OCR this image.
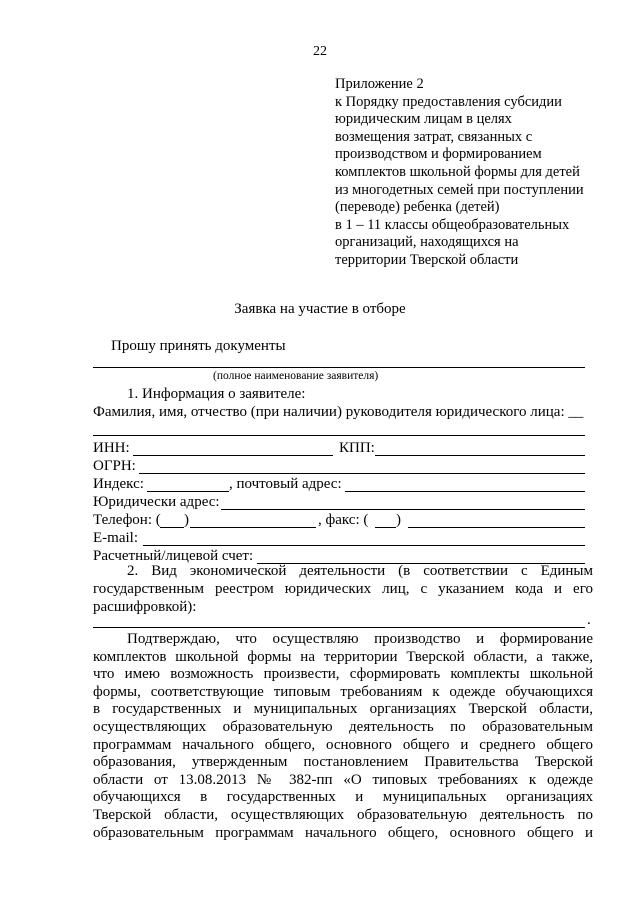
22
Приложение 2
к Порядку предоставления субсидии
юридическим лицам в целях
возмещения затрат, связанных с
производством и формированием
комплектов школьной формы для детей
из многодетных семей при поступлении
(переводе) ребенка (детей)
в 1 – 11 классы общеобразовательных
организаций, находящихся на
территории Тверской области
Заявка на участие в отборе
Прошу принять документы
(полное наименование заявителя)
1. Информация о заявителе:
Фамилия, имя, отчество (при наличии) руководителя юридического лица: __
ИНН:	КПП:
ОГРН:
Индекс:	, почтовый адрес:
Юридически адрес:
Телефон: ( )	, факс: ( )
E-mail:
Расчетный/лицевой счет:
2. Вид экономической деятельности (в соответствии с Единым
государственным реестром юридических лиц, с указанием кода и его
расшифровкой):
.
Подтверждаю, что осуществляю производство и формирование
комплектов школьной формы на территории Тверской области, а также,
что имею возможность произвести, сформировать комплекты школьной
формы, соответствующие типовым требованиям к одежде обучающихся
в государственных и муниципальных организациях Тверской области,
осуществляющих образовательную деятельность по образовательным
программам начального общего, основного общего и среднего общего
образования, утвержденным постановлением Правительства Тверской
области от 13.08.2013 № 382-пп «О типовых требованиях к одежде
обучающихся в государственных и муниципальных организациях
Тверской области, осуществляющих образовательную деятельность по
образовательным программам начального общего, основного общего и
